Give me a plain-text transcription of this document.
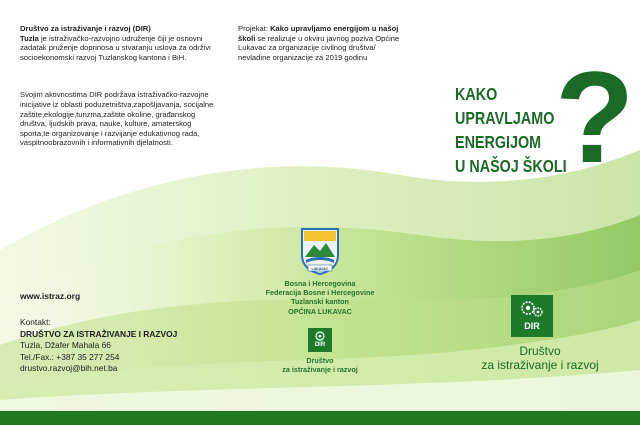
Društvo za istraživanje i razvoj (DIR)
Tuzla je istraživačko-razvojno udruženje čiji je osnovni zadatak pruženje doprinosa u stvaranju uslova za održivi socioekonomski razvoj Tuzlanskog kantona i BiH.

Svojim aktivnostima DIR podržava istraživačko-razvojne inicijative iz oblasti poduzetništva,zapošljavanja, socijalne zaštite,ekologije,turizma,zaštite okoline, građanskog društva, ljudskih prava, nauke, kulture, amaterskog sporta,te organizovanje i razvijanje edukativnog rada, vaspitnoobrazovnih i informativnih djelatnosti.

www.istraz.org
Kontakt:
DRUŠTVO ZA ISTRAŽIVANJE I RAZVOJ
Tuzla, Džafer Mahala 66
Tel./Fax.: +387 35 277 254
drustvo.razvoj@bih.net.ba
Projekat: Kako upravljamo energijom u našoj školi se realizuje u okviru javnog poziva Općine Lukavac za organizacije civilnog društva/ nevladine organizacije za 2019 godinu
LUKAVAC
Bosna i Hercegovina
Federacija Bosne i Hercegovine
Tuzlanski kanton
OPĆINA LUKAVAC
DIR
Društvo
za istraživanje i razvoj
KAKO
UPRAVLJAMO
ENERGIJOM
U NAŠOJ ŠKOLI
?
DIR
Društvo
za istraživanje i razvoj
